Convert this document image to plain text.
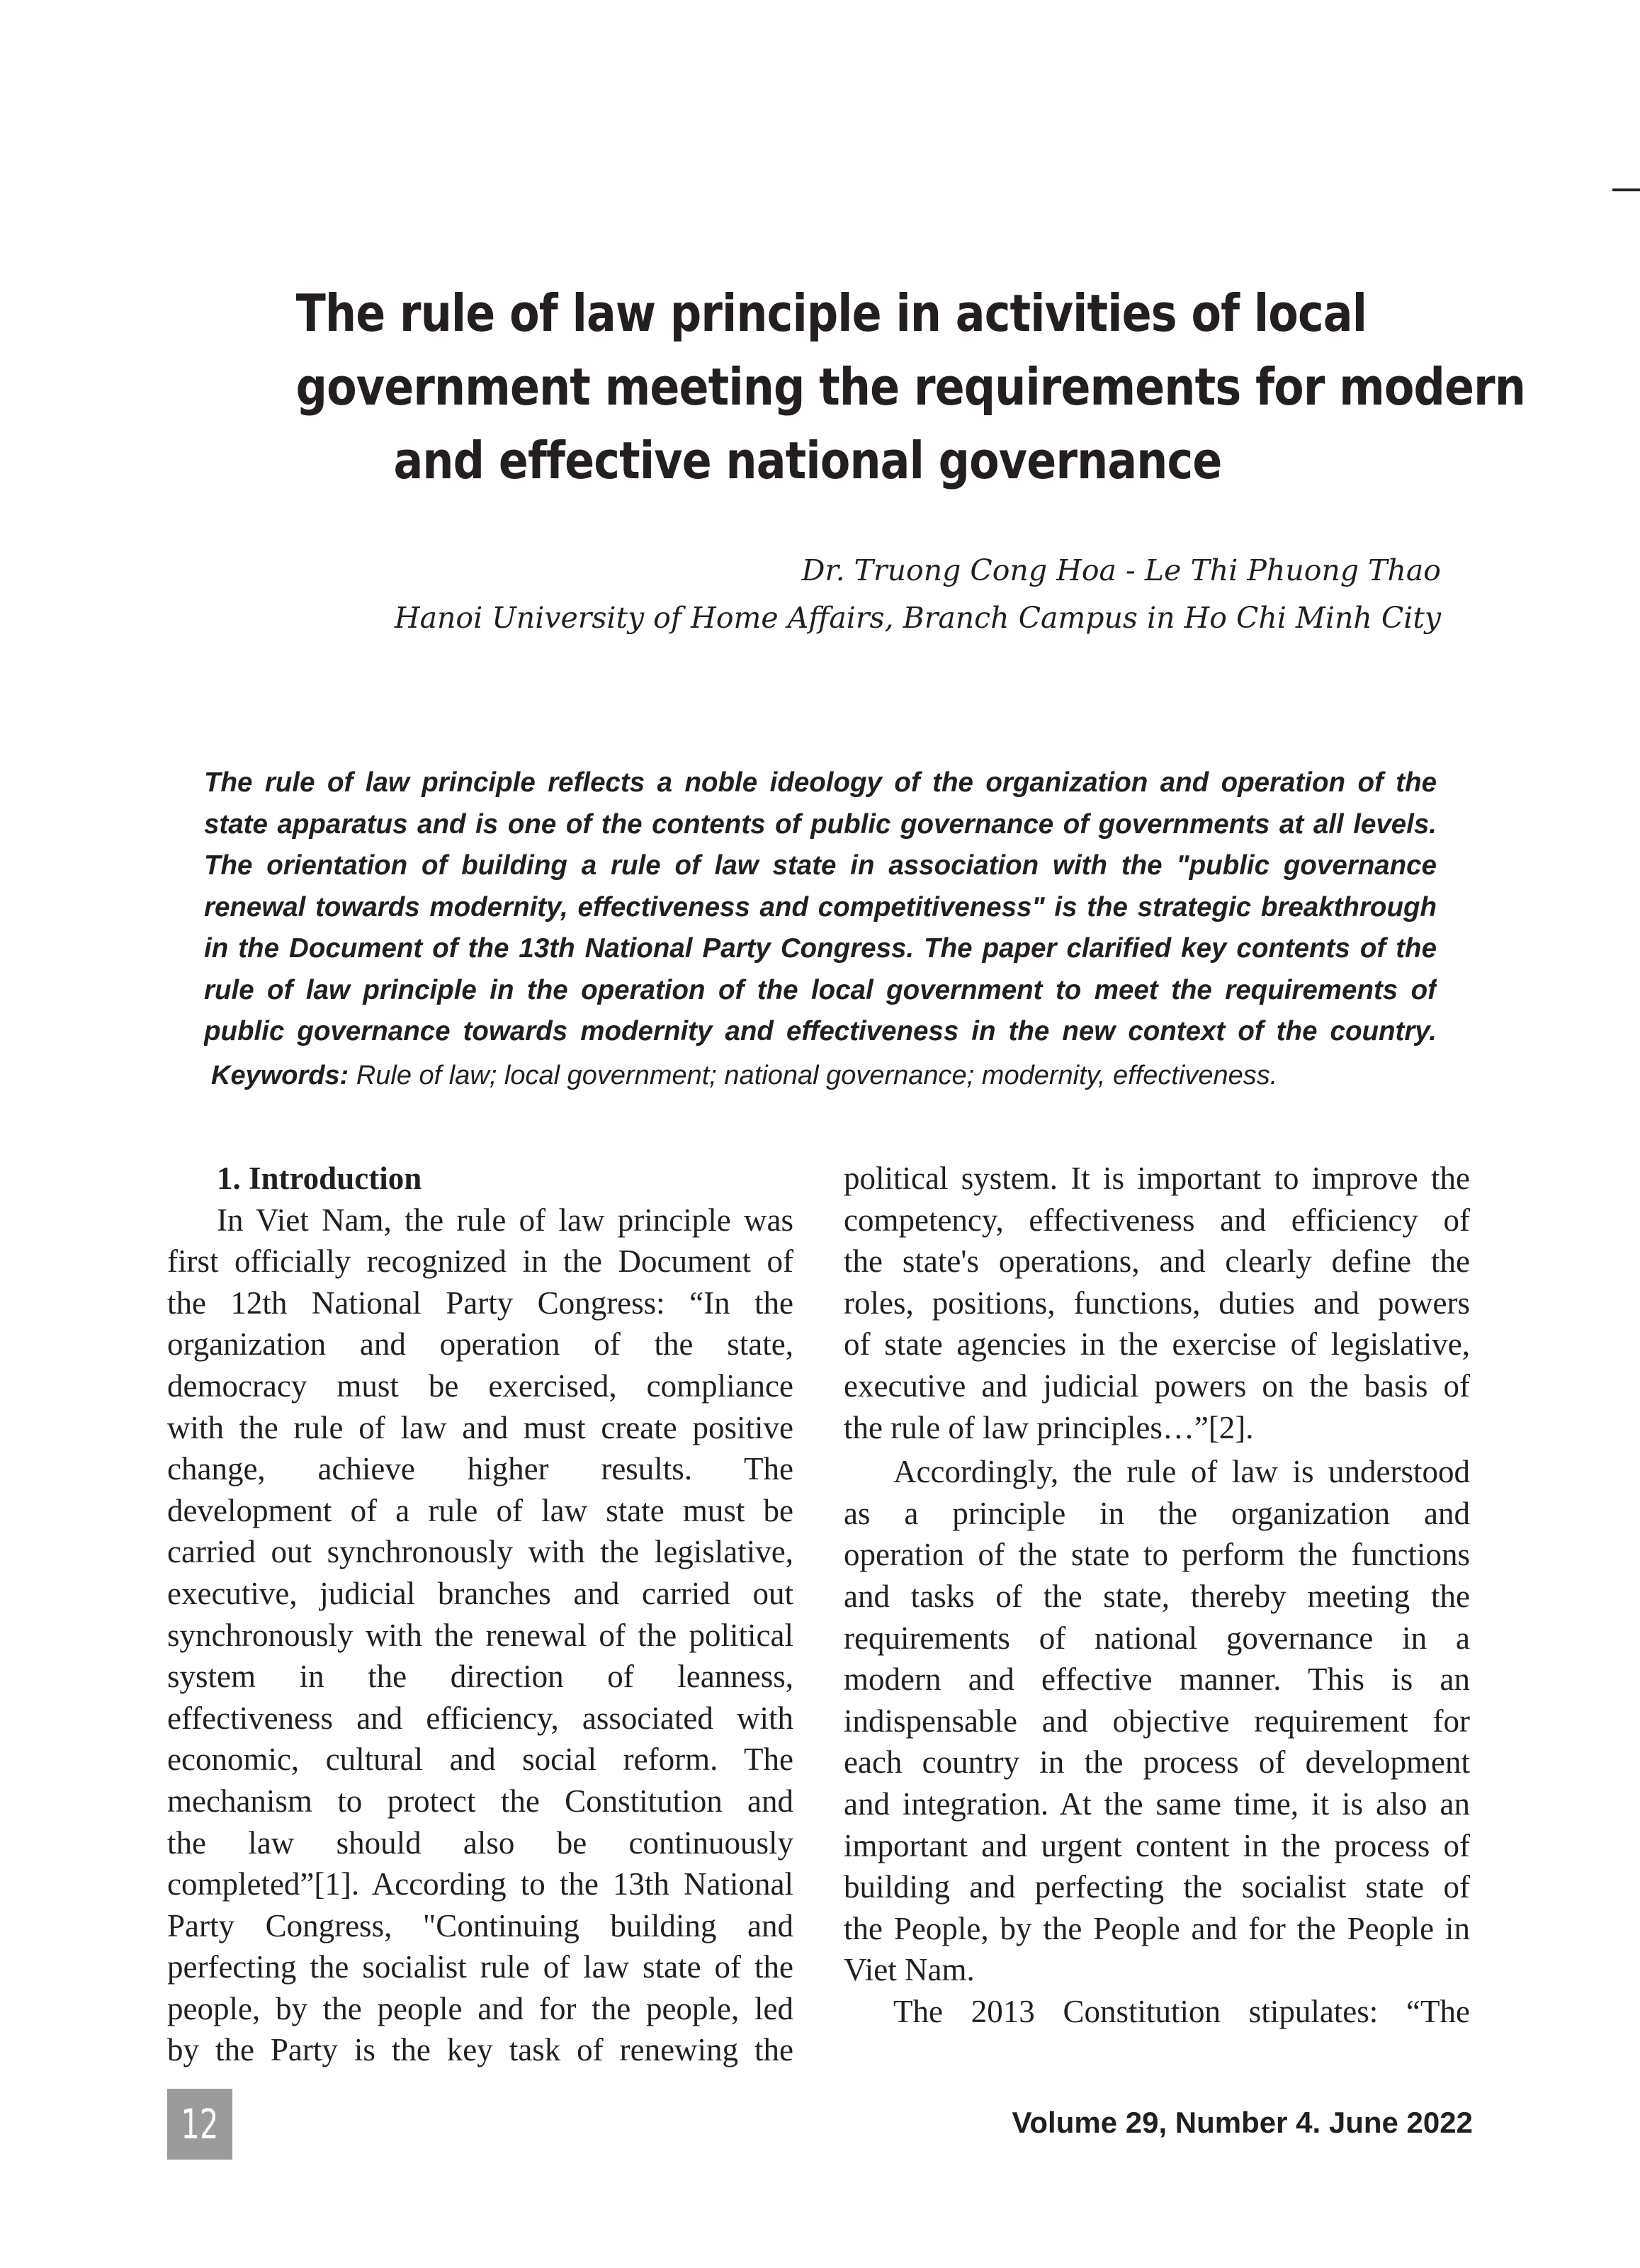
The rule of law principle in activities of local
government meeting the requirements for modern
and effective national governance
Dr. Truong Cong Hoa - Le Thi Phuong Thao
Hanoi University of Home Affairs, Branch Campus in Ho Chi Minh City
The rule of law principle reflects a noble ideology of the organization and operation of the
state apparatus and is one of the contents of public governance of governments at all levels.
The orientation of building a rule of law state in association with the "public governance
renewal towards modernity, effectiveness and competitiveness" is the strategic breakthrough
in the Document of the 13th National Party Congress. The paper clarified key contents of the
rule of law principle in the operation of the local government to meet the requirements of
public governance towards modernity and effectiveness in the new context of the country.
Keywords: Rule of law; local government; national governance; modernity, effectiveness.
1. Introduction
In Viet Nam, the rule of law principle was
first officially recognized in the Document of
the 12th National Party Congress: “In the
organization and operation of the state,
democracy must be exercised, compliance
with the rule of law and must create positive
change, achieve higher results. The
development of a rule of law state must be
carried out synchronously with the legislative,
executive, judicial branches and carried out
synchronously with the renewal of the political
system in the direction of leanness,
effectiveness and efficiency, associated with
economic, cultural and social reform. The
mechanism to protect the Constitution and
the law should also be continuously
completed”[1]. According to the 13th National
Party Congress, "Continuing building and
perfecting the socialist rule of law state of the
people, by the people and for the people, led
by the Party is the key task of renewing the
political system. It is important to improve the
competency, effectiveness and efficiency of
the state's operations, and clearly define the
roles, positions, functions, duties and powers
of state agencies in the exercise of legislative,
executive and judicial powers on the basis of
the rule of law principles…”[2].
Accordingly, the rule of law is understood
as a principle in the organization and
operation of the state to perform the functions
and tasks of the state, thereby meeting the
requirements of national governance in a
modern and effective manner. This is an
indispensable and objective requirement for
each country in the process of development
and integration. At the same time, it is also an
important and urgent content in the process of
building and perfecting the socialist state of
the People, by the People and for the People in
Viet Nam.
The 2013 Constitution stipulates: “The
12	Volume 29, Number 4. June 2022
